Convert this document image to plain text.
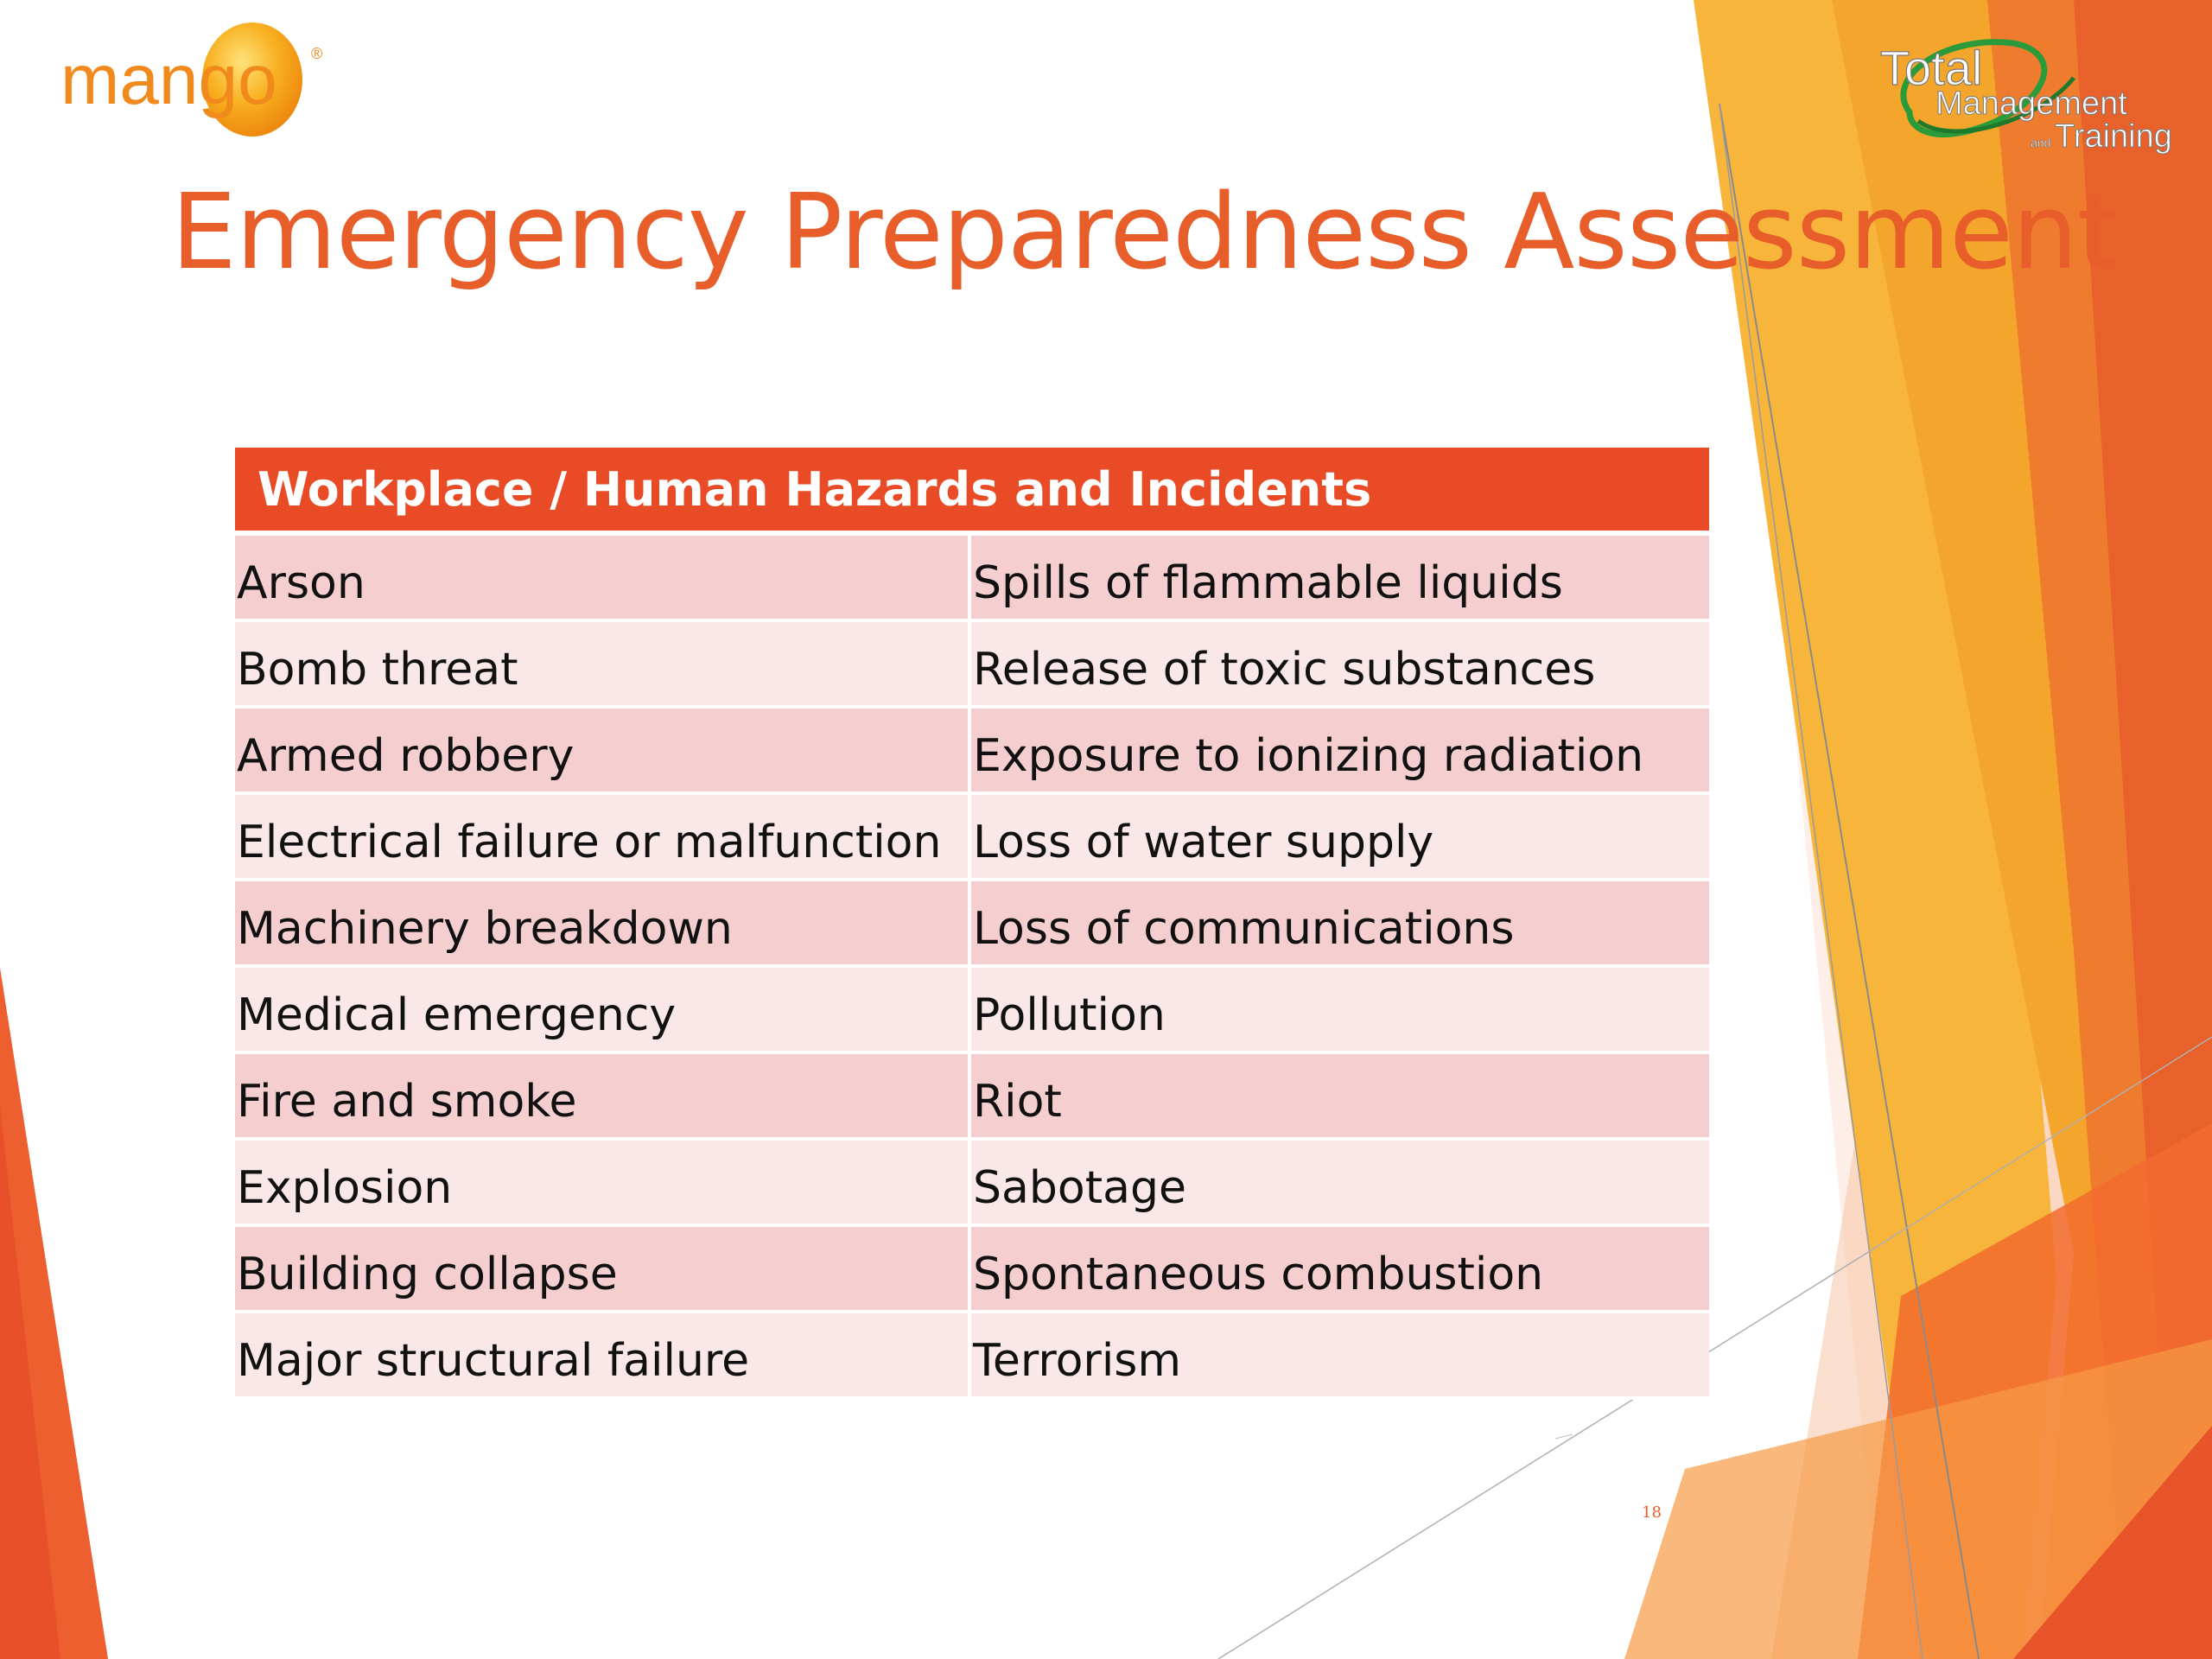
mango ®	Total
Management
and Training
Emergency Preparedness Assessment
Workplace / Human Hazards and Incidents	
Arson	Spills of flammable liquids
Bomb threat	Release of toxic substances
Armed robbery	Exposure to ionizing radiation
Electrical failure or malfunction	Loss of water supply
Machinery breakdown	Loss of communications
Medical emergency	Pollution
Fire and smoke	Riot
Explosion	Sabotage
Building collapse	Spontaneous combustion
Major structural failure	Terrorism
18
